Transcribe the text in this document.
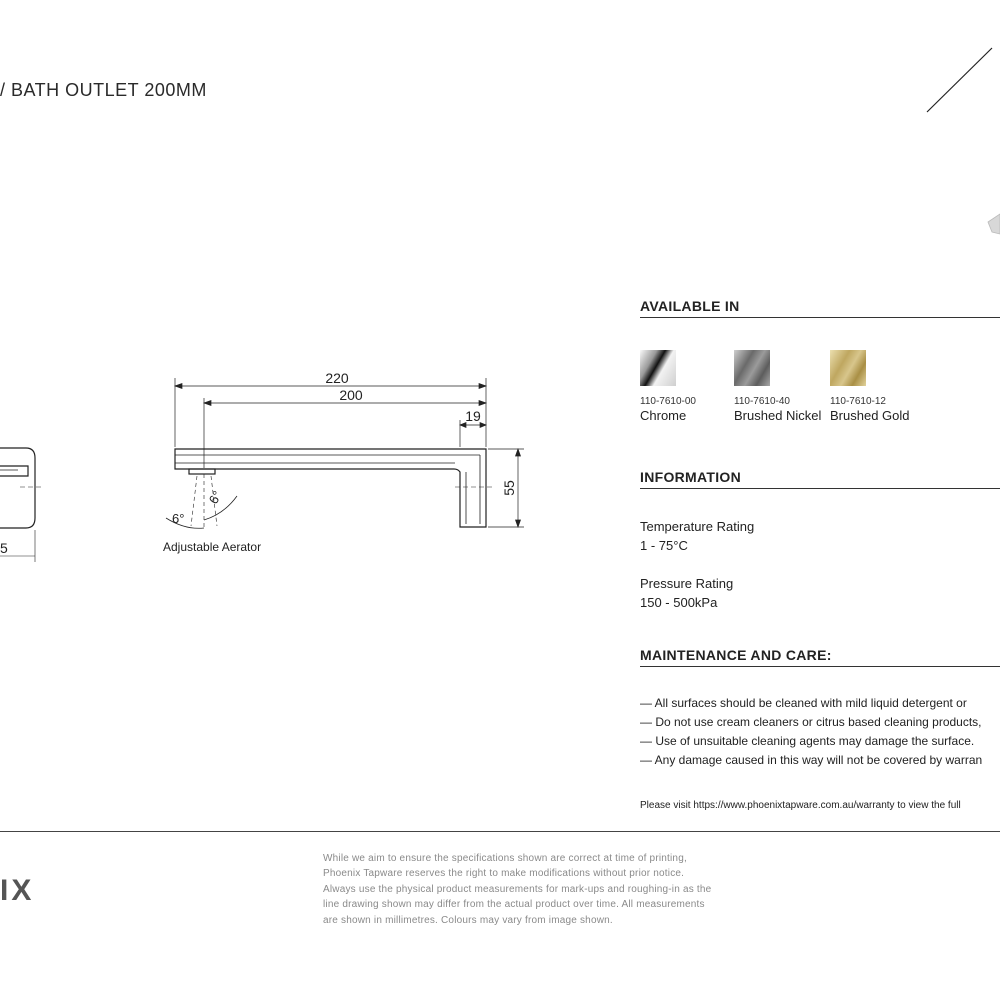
/ BATH OUTLET 200MM
5
220
200
19
55
6°
6°
Adjustable Aerator
AVAILABLE IN
110-7610-00
Chrome
110-7610-40
Brushed Nickel
110-7610-12
Brushed Gold
INFORMATION
Temperature Rating
1 - 75°C
Pressure Rating
150 - 500kPa
MAINTENANCE AND CARE:
— All surfaces should be cleaned with mild liquid detergent or
— Do not use cream cleaners or citrus based cleaning products,
— Use of unsuitable cleaning agents may damage the surface.
— Any damage caused in this way will not be covered by warran
Please visit https://www.phoenixtapware.com.au/warranty to view the full
IX
While we aim to ensure the specifications shown are correct at time of printing,
Phoenix Tapware reserves the right to make modifications without prior notice.
Always use the physical product measurements for mark-ups and roughing-in as the
line drawing shown may differ from the actual product over time. All measurements
are shown in millimetres. Colours may vary from image shown.
